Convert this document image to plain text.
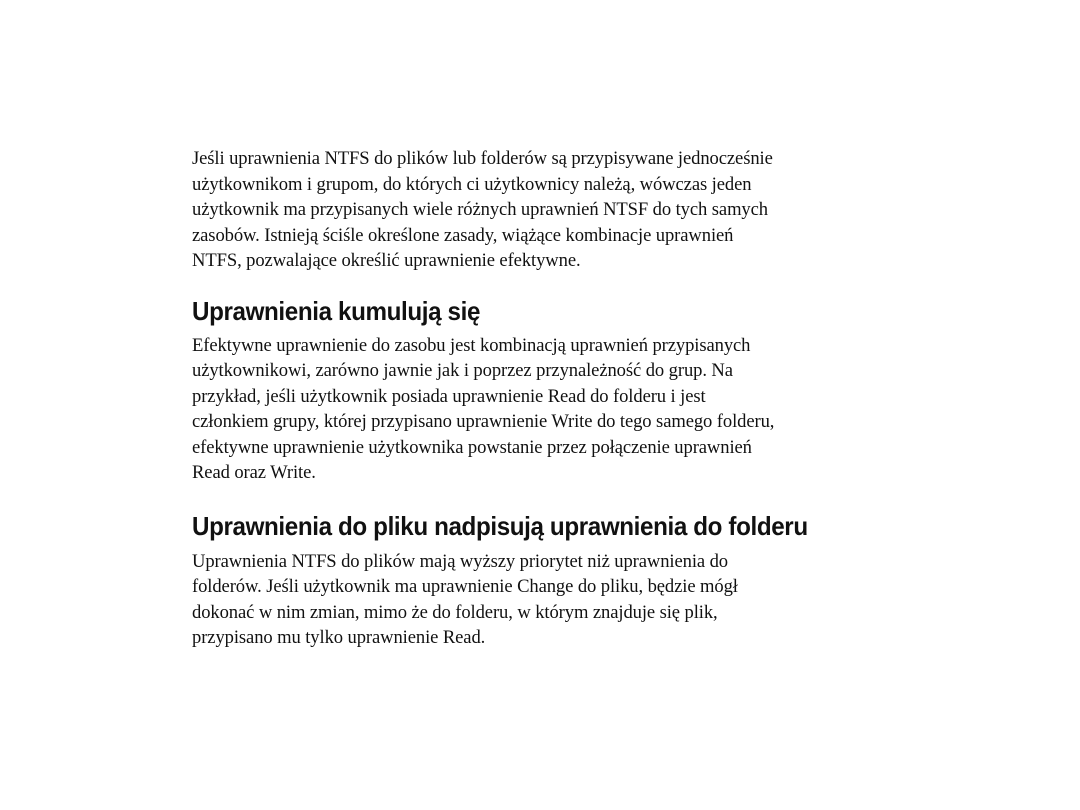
Jeśli uprawnienia NTFS do plików lub folderów są przypisywane jednocześnie
użytkownikom i grupom, do których ci użytkownicy należą, wówczas jeden
użytkownik ma przypisanych wiele różnych uprawnień NTSF do tych samych
zasobów. Istnieją ściśle określone zasady, wiążące kombinacje uprawnień
NTFS, pozwalające określić uprawnienie efektywne.

Uprawnienia kumulują się

Efektywne uprawnienie do zasobu jest kombinacją uprawnień przypisanych
użytkownikowi, zarówno jawnie jak i poprzez przynależność do grup. Na
przykład, jeśli użytkownik posiada uprawnienie Read do folderu i jest
członkiem grupy, której przypisano uprawnienie Write do tego samego folderu,
efektywne uprawnienie użytkownika powstanie przez połączenie uprawnień
Read oraz Write.

Uprawnienia do pliku nadpisują uprawnienia do folderu

Uprawnienia NTFS do plików mają wyższy priorytet niż uprawnienia do
folderów. Jeśli użytkownik ma uprawnienie Change do pliku, będzie mógł
dokonać w nim zmian, mimo że do folderu, w którym znajduje się plik,
przypisano mu tylko uprawnienie Read.
